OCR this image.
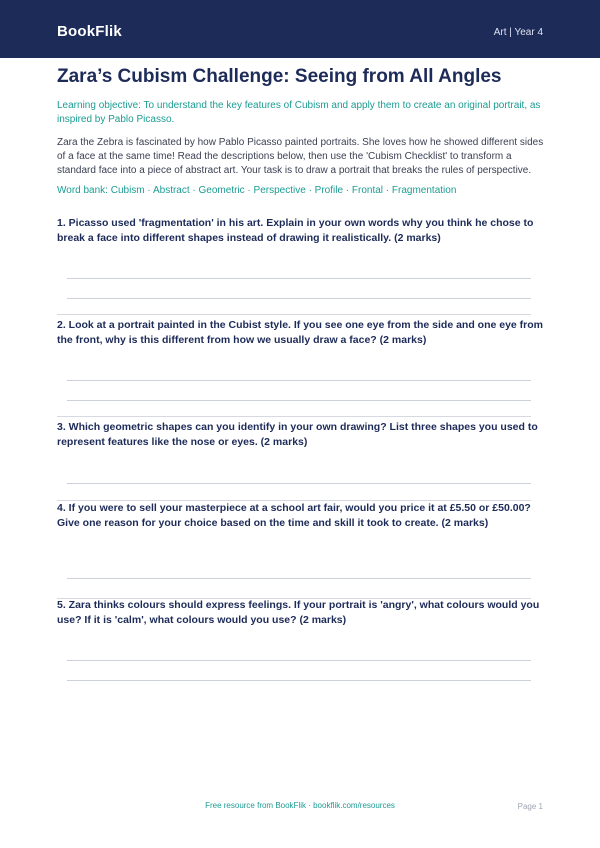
BookFlik	Art | Year 4
Zara’s Cubism Challenge: Seeing from All Angles

Learning objective: To understand the key features of Cubism and apply them to create an original portrait, as inspired by Pablo Picasso.

Zara the Zebra is fascinated by how Pablo Picasso painted portraits. She loves how he showed different sides of a face at the same time! Read the descriptions below, then use the 'Cubism Checklist' to transform a standard face into a piece of abstract art. Your task is to draw a portrait that breaks the rules of perspective.

Word bank: Cubism · Abstract · Geometric · Perspective · Profile · Frontal · Fragmentation

1. Picasso used 'fragmentation' in his art. Explain in your own words why you think he chose to break a face into different shapes instead of drawing it realistically. (2 marks)

2. Look at a portrait painted in the Cubist style. If you see one eye from the side and one eye from the front, why is this different from how we usually draw a face? (2 marks)

3. Which geometric shapes can you identify in your own drawing? List three shapes you used to represent features like the nose or eyes. (2 marks)

4. If you were to sell your masterpiece at a school art fair, would you price it at £5.50 or £50.00? Give one reason for your choice based on the time and skill it took to create. (2 marks)

5. Zara thinks colours should express feelings. If your portrait is 'angry', what colours would you use? If it is 'calm', what colours would you use? (2 marks)

Free resource from BookFlik · bookflik.com/resources	Page 1
